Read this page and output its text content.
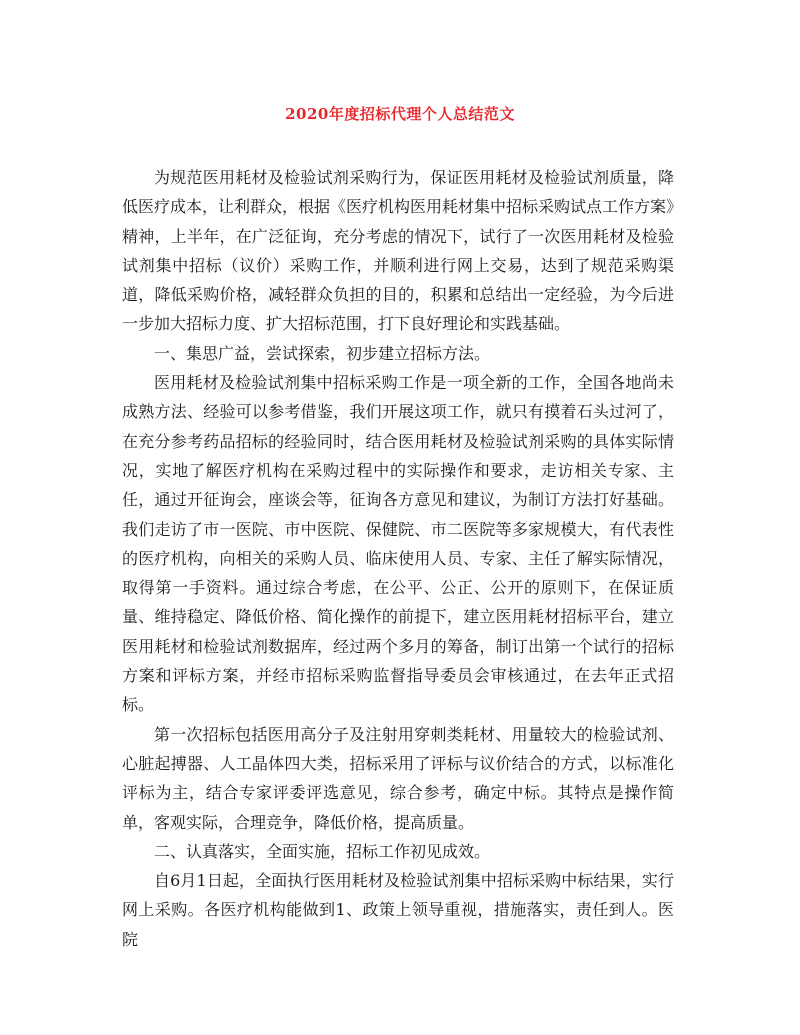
2020年度招标代理个人总结范文

为规范医用耗材及检验试剂采购行为，保证医用耗材及检验试剂质量，降低医疗成本，让利群众，根据《医疗机构医用耗材集中招标采购试点工作方案》精神，上半年，在广泛征询，充分考虑的情况下，试行了一次医用耗材及检验试剂集中招标（议价）采购工作，并顺利进行网上交易，达到了规范采购渠道，降低采购价格，减轻群众负担的目的，积累和总结出一定经验，为今后进一步加大招标力度、扩大招标范围，打下良好理论和实践基础。

一、集思广益，尝试探索，初步建立招标方法。

医用耗材及检验试剂集中招标采购工作是一项全新的工作，全国各地尚未成熟方法、经验可以参考借鉴，我们开展这项工作，就只有摸着石头过河了，在充分参考药品招标的经验同时，结合医用耗材及检验试剂采购的具体实际情况，实地了解医疗机构在采购过程中的实际操作和要求，走访相关专家、主任，通过开征询会，座谈会等，征询各方意见和建议，为制订方法打好基础。我们走访了市一医院、市中医院、保健院、市二医院等多家规模大，有代表性的医疗机构，向相关的采购人员、临床使用人员、专家、主任了解实际情况，取得第一手资料。通过综合考虑，在公平、公正、公开的原则下，在保证质量、维持稳定、降低价格、简化操作的前提下，建立医用耗材招标平台，建立医用耗材和检验试剂数据库，经过两个多月的筹备，制订出第一个试行的招标方案和评标方案，并经市招标采购监督指导委员会审核通过，在去年正式招标。

第一次招标包括医用高分子及注射用穿刺类耗材、用量较大的检验试剂、心脏起搏器、人工晶体四大类，招标采用了评标与议价结合的方式，以标准化评标为主，结合专家评委评选意见，综合参考，确定中标。其特点是操作简单，客观实际，合理竞争，降低价格，提高质量。

二、认真落实，全面实施，招标工作初见成效。

自6月1日起，全面执行医用耗材及检验试剂集中招标采购中标结果，实行网上采购。各医疗机构能做到1、政策上领导重视，措施落实，责任到人。医院
